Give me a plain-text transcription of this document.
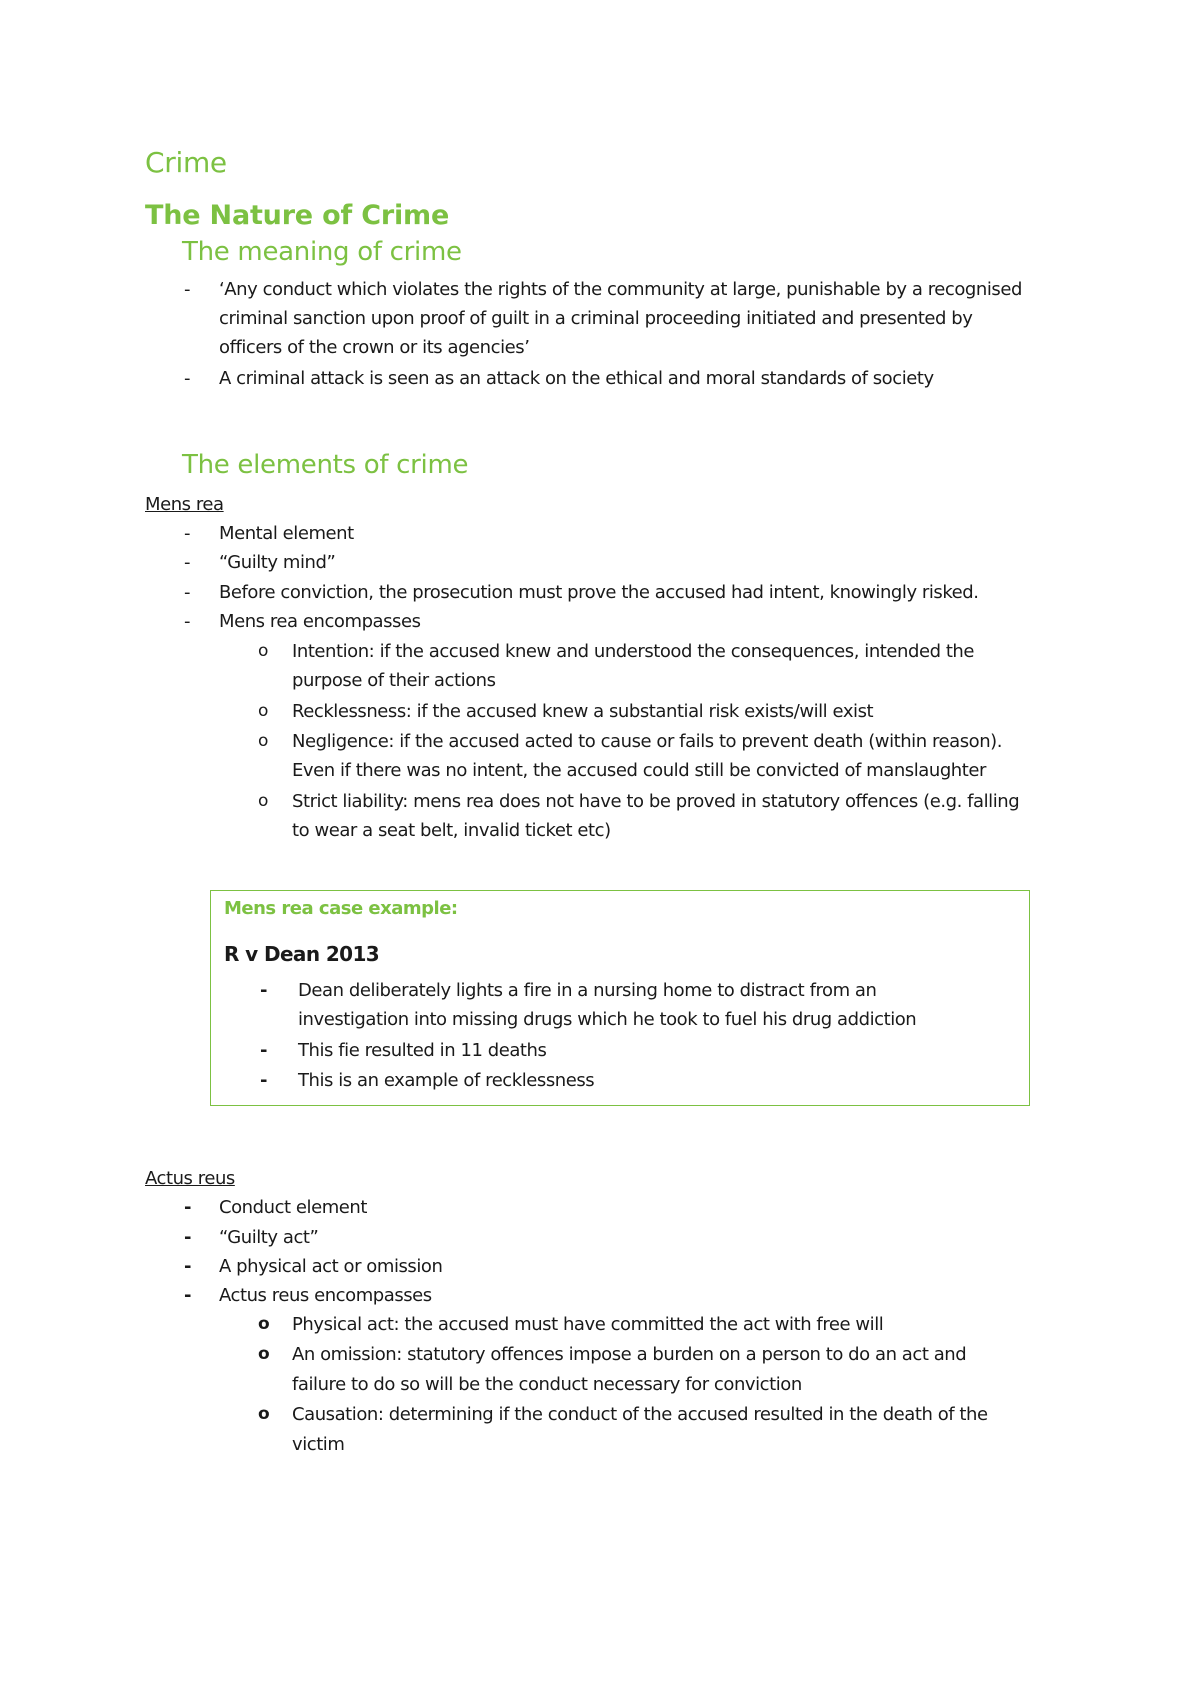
Crime
The Nature of Crime
The meaning of crime
- ‘Any conduct which violates the rights of the community at large, punishable by a recognised
criminal sanction upon proof of guilt in a criminal proceeding initiated and presented by
officers of the crown or its agencies’
- A criminal attack is seen as an attack on the ethical and moral standards of society
The elements of crime
Mens rea
- Mental element
- “Guilty mind”
- Before conviction, the prosecution must prove the accused had intent, knowingly risked.
- Mens rea encompasses
o Intention: if the accused knew and understood the consequences, intended the
purpose of their actions
o Recklessness: if the accused knew a substantial risk exists/will exist
o Negligence: if the accused acted to cause or fails to prevent death (within reason).
Even if there was no intent, the accused could still be convicted of manslaughter
o Strict liability: mens rea does not have to be proved in statutory offences (e.g. falling
to wear a seat belt, invalid ticket etc)
Mens rea case example:
R v Dean 2013
- Dean deliberately lights a fire in a nursing home to distract from an
investigation into missing drugs which he took to fuel his drug addiction
- This fie resulted in 11 deaths
- This is an example of recklessness
Actus reus
- Conduct element
- “Guilty act”
- A physical act or omission
- Actus reus encompasses
o Physical act: the accused must have committed the act with free will
o An omission: statutory offences impose a burden on a person to do an act and
failure to do so will be the conduct necessary for conviction
o Causation: determining if the conduct of the accused resulted in the death of the
victim
